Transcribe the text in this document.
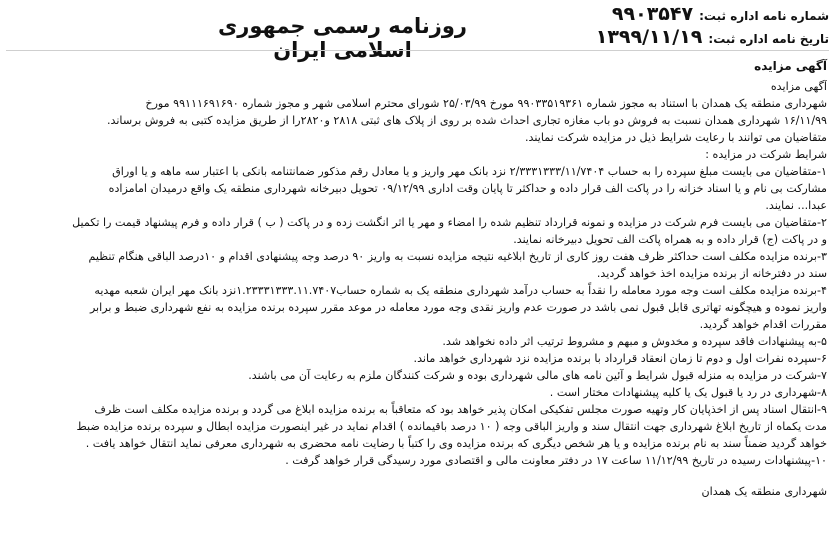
روزنامه رسمی جمهوری اسلامی ایران
شماره نامه اداره ثبت:
۹۹۰۳۵۴۷
تاریخ نامه اداره ثبت:
۱۳۹۹/۱۱/۱۹
آگهی مزایده
آگهی مزایده
شهرداری منطقه یک همدان با استناد به مجوز شماره ۹۹۰۳۳۵۱۹۳۶۱ مورخ ۲۵/۰۳/۹۹ شورای محترم اسلامی شهر و مجوز شماره ۹۹۱۱۱۶۹۱۶۹۰ مورخ
۱۶/۱۱/۹۹ شهرداری همدان نسبت به فروش دو باب مغازه تجاری احداث شده بر روی از پلاک های ثبتی ۲۸۱۸ و۲۸۲۰را از طریق مزایده کتبی به فروش برساند.
متقاضیان می توانند با رعایت شرایط ذیل در مزایده شرکت نمایند.
شرایط شرکت در مزایده :
۱-متقاضیان می بایست مبلغ سپرده را به حساب ۲/۳۳۳۱۳۳۳/۱۱/۷۴۰۴ نزد بانک مهر واریز و یا معادل رقم مذکور ضمانتنامه بانکی با اعتبار سه ماهه و یا اوراق
مشارکت بی نام و یا اسناد خزانه را در پاکت الف قرار داده و حداکثر تا پایان وقت اداری ۰۹/۱۲/۹۹ تحویل دبیرخانه شهرداری منطقه یک واقع درمیدان امامزاده
عبدا... نمایند.
۲-متقاضیان می بایست فرم شرکت در مزایده و نمونه قرارداد تنظیم شده را امضاء و مهر یا اثر انگشت زده و در پاکت ( ب ) قرار داده و فرم پیشنهاد قیمت را تکمیل
و در پاکت (ج) قرار داده و به همراه پاکت الف تحویل دبیرخانه نمایند.
۳-برنده مزایده مکلف است حداکثر ظرف هفت روز کاری از تاریخ ابلاغیه نتیجه مزایده نسبت به واریز ۹۰ درصد وجه پیشنهادی اقدام و ۱۰درصد الباقی هنگام تنظیم
سند در دفترخانه از برنده مزایده اخذ خواهد گردید.
۴-برنده مزایده مکلف است وجه مورد معامله را نقداً به حساب درآمد شهرداری منطقه یک به شماره حساب۱.۲۳۳۳۱۳۳۳.۱۱.۷۴۰۷نزد بانک مهر ایران شعبه مهدیه
واریز نموده و هیچگونه تهاتری قابل قبول نمی باشد در صورت عدم واریز نقدی وجه مورد معامله در موعد مقرر سپرده برنده مزایده به نفع شهرداری ضبط و برابر
مقررات اقدام خواهد گردید.
۵-به پیشنهادات فاقد سپرده و مخدوش و مبهم و مشروط ترتیب اثر داده نخواهد شد.
۶-سپرده نفرات اول و دوم تا زمان انعقاد قرارداد با برنده مزایده نزد شهرداری خواهد ماند.
۷-شرکت در مزایده به منزله قبول شرایط و آئین نامه های مالی شهرداری بوده و شرکت کنندگان ملزم به رعایت آن می باشند.
۸-شهرداری در رد یا قبول یک یا کلیه پیشنهادات مختار است .
۹-انتقال اسناد پس از اخذپایان کار وتهیه صورت مجلس تفکیکی امکان پذیر خواهد بود که متعاقباً به برنده مزایده ابلاغ می گردد و برنده مزایده مکلف است ظرف
مدت یکماه از تاریخ ابلاغ شهرداری جهت انتقال سند و واریز الباقی وجه ( ۱۰ درصد باقیمانده ) اقدام نماید در غیر اینصورت مزایده ابطال و سپرده برنده مزایده ضبط
خواهد گردید ضمناً سند به نام برنده مزایده و یا هر شخص دیگری که برنده مزایده وی را کتباً با رضایت نامه محضری به شهرداری معرفی نماید انتقال خواهد یافت .
۱۰-پیشنهادات رسیده در تاریخ ۱۱/۱۲/۹۹ ساعت ۱۷ در دفتر معاونت مالی و اقتصادی مورد رسیدگی قرار خواهد گرفت .
شهرداری منطقه یک همدان
